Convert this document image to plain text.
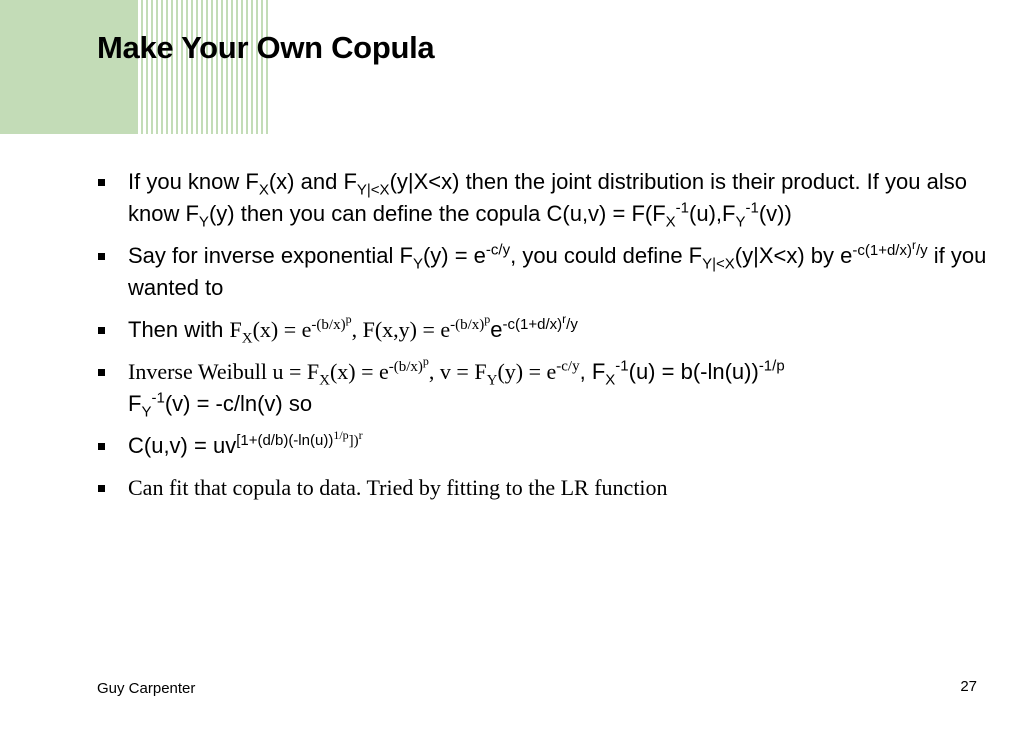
Make Your Own Copula
If you know $F_X(x)$ and $F_{Y|<X}(y|X<x)$ then the joint distribution is their product. If you also know $F_Y(y)$ then you can define the copula $C(u,v) = F(F_X^{-1}(u),F_Y^{-1}(v))$
Say for inverse exponential $F_Y(y) = e^{-c/y}$, you could define $F_{Y|<X}(y|X<x)$ by $e^{-c(1+d/x)^r/y}$ if you wanted to
Then with $F_X(x) = e^{-(b/x)^p}$, $F(x,y) = e^{-(b/x)^p}e^{-c(1+d/x)^r/y}$
Inverse Weibull $u = F_X(x) = e^{-(b/x)^p}$, $v = F_Y(y) = e^{-c/y}$, $F_X^{-1}(u) = b(-\ln(u))^{-1/p}$
$F_Y^{-1}(v) = -c/\ln(v)$ so
$C(u,v) = uv^{[1+(d/b)(-ln(u))^{1/p}])^r}$
Can fit that copula to data. Tried by fitting to the LR function
Guy Carpenter	27
